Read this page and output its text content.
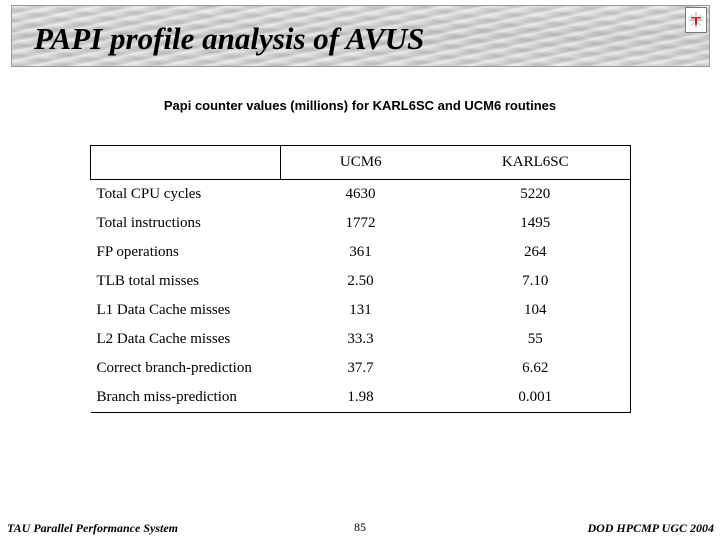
PAPI profile analysis of AVUS
Papi counter values (millions) for KARL6SC and UCM6 routines
	UCM6	KARL6SC
Total CPU cycles	4630	5220
Total instructions	1772	1495
FP operations	361	264
TLB total misses	2.50	7.10
L1 Data Cache misses	131	104
L2 Data Cache misses	33.3	55
Correct branch-prediction	37.7	6.62
Branch miss-prediction	1.98	0.001
TAU Parallel Performance System	85	DOD HPCMP UGC 2004
